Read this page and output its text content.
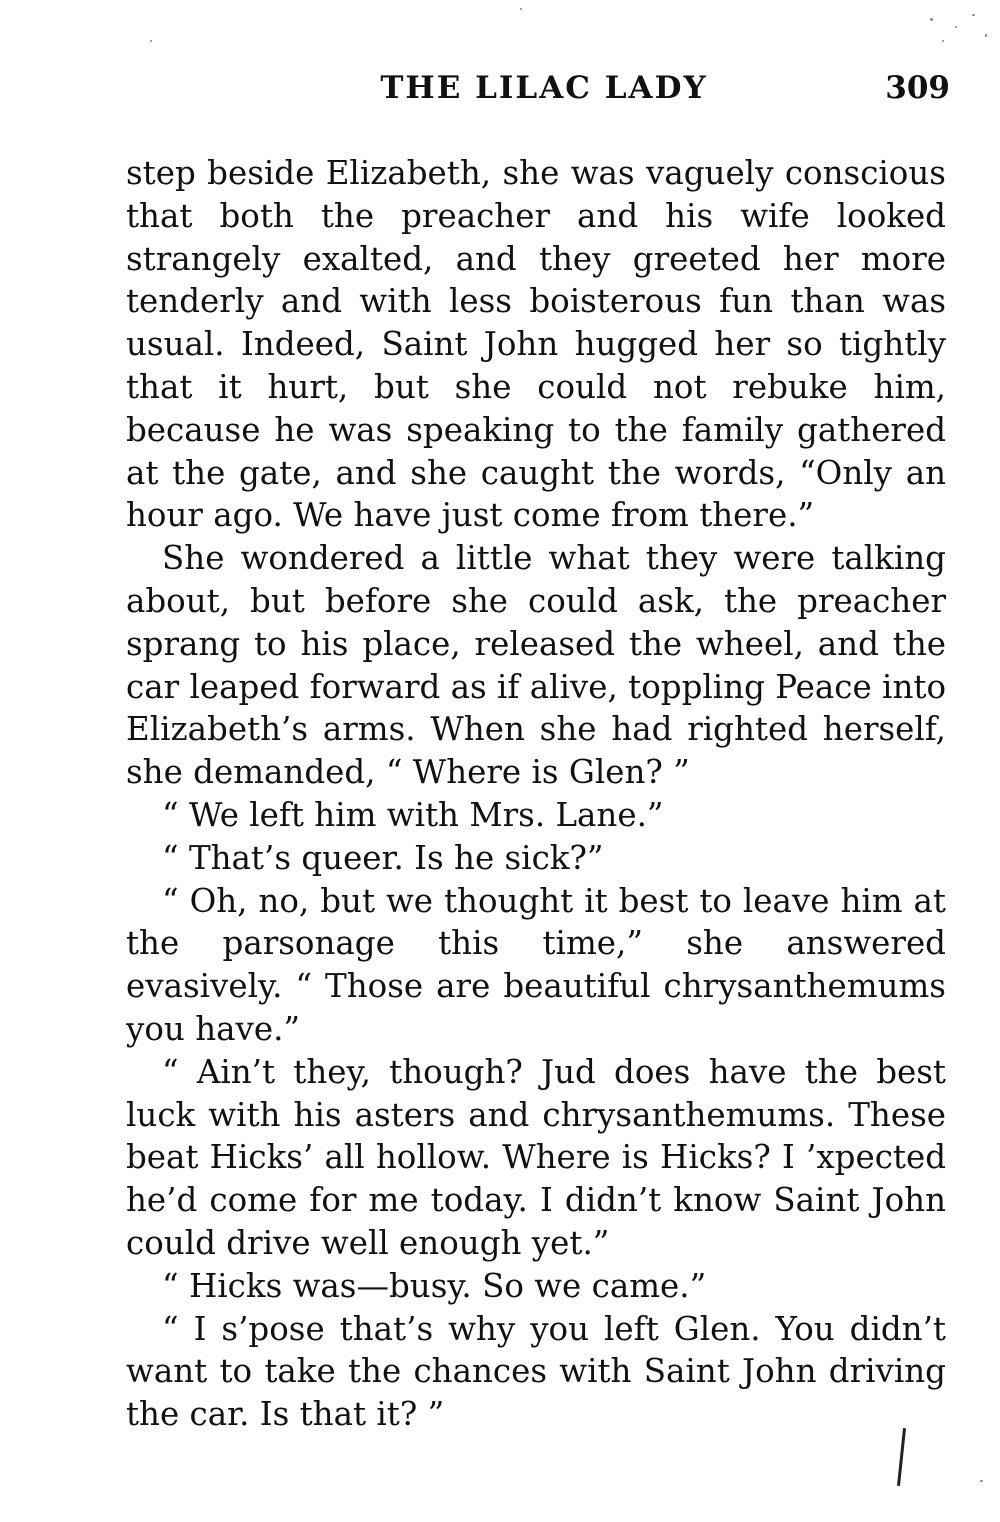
THE LILAC LADY	309

step beside Elizabeth, she was vaguely conscious that both the preacher and his wife looked strangely exalted, and they greeted her more tenderly and with less boisterous fun than was usual. Indeed, Saint John hugged her so tightly that it hurt, but she could not rebuke him, because he was speaking to the family gathered at the gate, and she caught the words, “Only an hour ago. We have just come from there.”

She wondered a little what they were talking about, but before she could ask, the preacher sprang to his place, released the wheel, and the car leaped forward as if alive, toppling Peace into Elizabeth’s arms. When she had righted herself, she demanded, “ Where is Glen? ”

“ We left him with Mrs. Lane.”

“ That’s queer. Is he sick?”

“ Oh, no, but we thought it best to leave him at the parsonage this time,” she answered evasively. “ Those are beautiful chrysanthemums you have.”

“ Ain’t they, though? Jud does have the best luck with his asters and chrysanthemums. These beat Hicks’ all hollow. Where is Hicks? I ’xpected he’d come for me today. I didn’t know Saint John could drive well enough yet.”

“ Hicks was—busy. So we came.”

“ I s’pose that’s why you left Glen. You didn’t want to take the chances with Saint John driving the car. Is that it? ”
